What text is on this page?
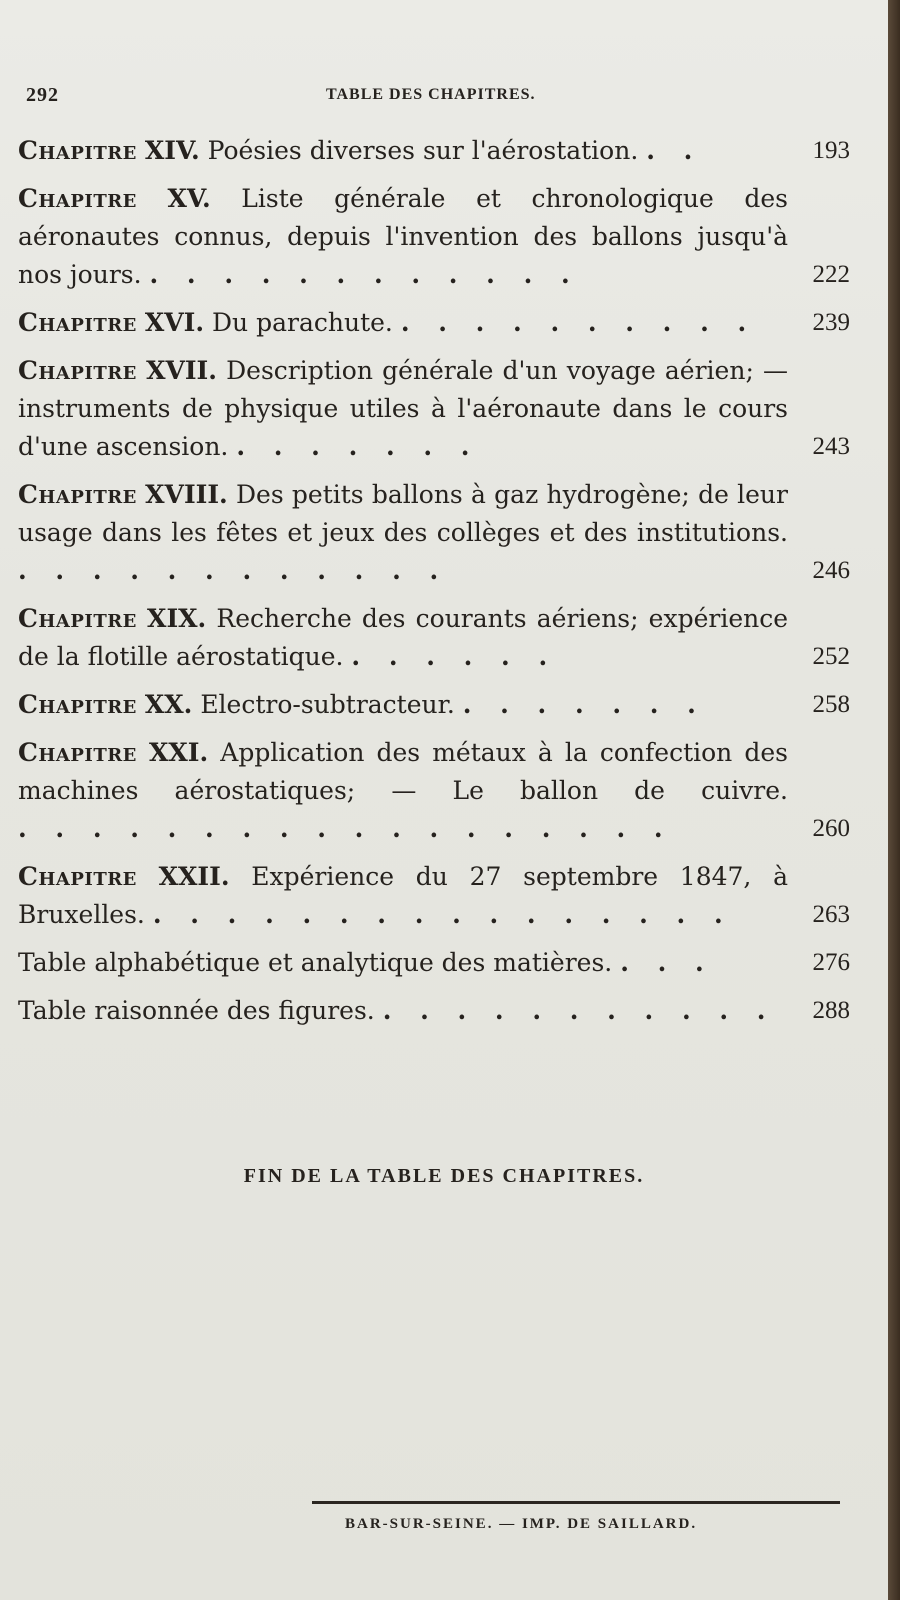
292	TABLE DES CHAPITRES.
Chapitre XIV. Poésies diverses sur l'aérostation. . .	193
Chapitre XV. Liste générale et chronologique des aéronautes connus, depuis l'invention des ballons jusqu'à nos jours. . . . . . . . . . . . .	222
Chapitre XVI. Du parachute. . . . . . . . . . .	239
Chapitre XVII. Description générale d'un voyage aérien; — instruments de physique utiles à l'aéronaute dans le cours d'une ascension. . . . . . . .	243
Chapitre XVIII. Des petits ballons à gaz hydrogène; de leur usage dans les fêtes et jeux des collèges et des institutions. . . . . . . . . . . . .	246
Chapitre XIX. Recherche des courants aériens; expérience de la flotille aérostatique. . . . . . .	252
Chapitre XX. Electro-subtracteur. . . . . . . .	258
Chapitre XXI. Application des métaux à la confection des machines aérostatiques; — Le ballon de cuivre. . . . . . . . . . . . . . . . . . .	260
Chapitre XXII. Expérience du 27 septembre 1847, à Bruxelles. . . . . . . . . . . . . . . . .	263
Table alphabétique et analytique des matières. . . .	276
Table raisonnée des figures. . . . . . . . . . . .	288
FIN DE LA TABLE DES CHAPITRES.
BAR-SUR-SEINE. — IMP. DE SAILLARD.
